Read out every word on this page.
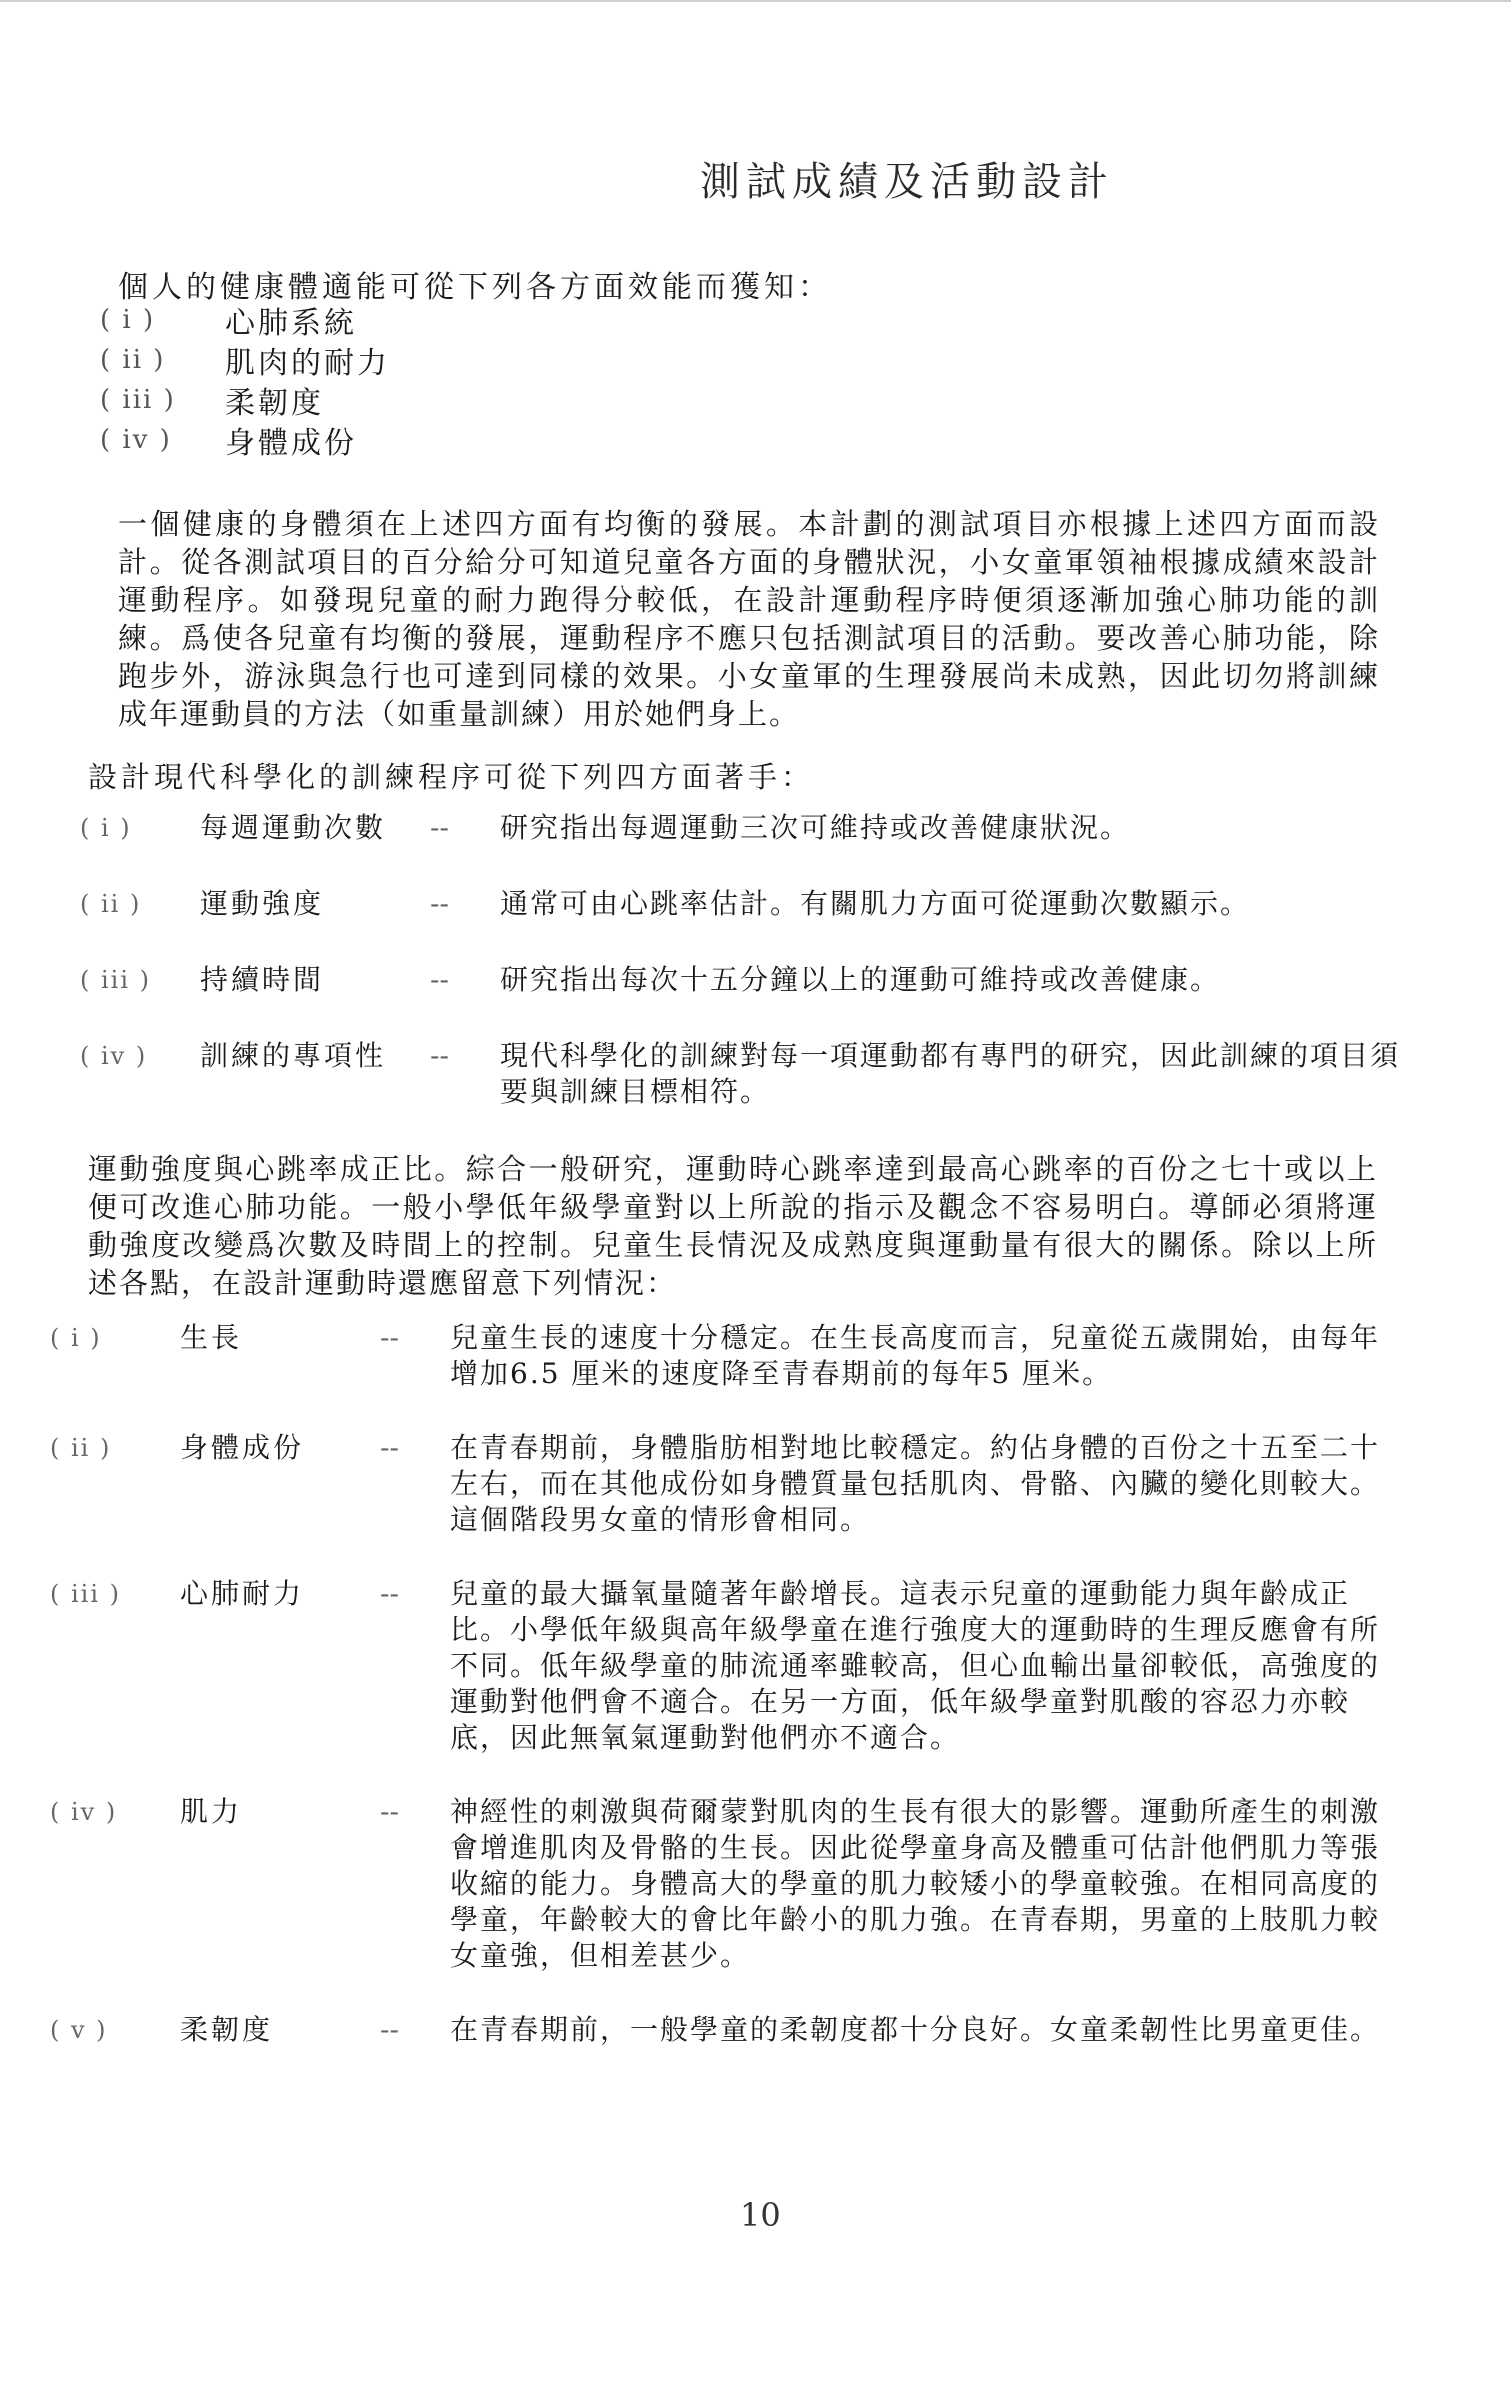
測試成績及活動設計
個人的健康體適能可從下列各方面效能而獲知：
( i )	心肺系統
( ii )	肌肉的耐力
( iii )	柔韌度
( iv )	身體成份
一個健康的身體須在上述四方面有均衡的發展。本計劃的測試項目亦根據上述四方面而設計。從各測試項目的百分給分可知道兒童各方面的身體狀況，小女童軍領袖根據成績來設計運動程序。如發現兒童的耐力跑得分較低，在設計運動程序時便須逐漸加強心肺功能的訓練。爲使各兒童有均衡的發展，運動程序不應只包括測試項目的活動。要改善心肺功能，除跑步外，游泳與急行也可達到同樣的效果。小女童軍的生理發展尚未成熟，因此切勿將訓練成年運動員的方法（如重量訓練）用於她們身上。
設計現代科學化的訓練程序可從下列四方面著手：
( i )	每週運動次數	--	研究指出每週運動三次可維持或改善健康狀況。
( ii )	運動強度	--	通常可由心跳率估計。有關肌力方面可從運動次數顯示。
( iii )	持續時間	--	研究指出每次十五分鐘以上的運動可維持或改善健康。
( iv )	訓練的專項性	--	現代科學化的訓練對每一項運動都有專門的研究，因此訓練的項目須要與訓練目標相符。
運動強度與心跳率成正比。綜合一般研究，運動時心跳率達到最高心跳率的百份之七十或以上便可改進心肺功能。一般小學低年級學童對以上所說的指示及觀念不容易明白。導師必須將運動強度改變爲次數及時間上的控制。兒童生長情況及成熟度與運動量有很大的關係。除以上所述各點，在設計運動時還應留意下列情況：
( i )	生長	--	兒童生長的速度十分穩定。在生長高度而言，兒童從五歲開始，由每年增加6.5 厘米的速度降至青春期前的每年5 厘米。
( ii )	身體成份	--	在青春期前，身體脂肪相對地比較穩定。約佔身體的百份之十五至二十左右，而在其他成份如身體質量包括肌肉、骨骼、內臟的變化則較大。這個階段男女童的情形會相同。
( iii )	心肺耐力	--	兒童的最大攝氧量隨著年齡增長。這表示兒童的運動能力與年齡成正比。小學低年級與高年級學童在進行強度大的運動時的生理反應會有所不同。低年級學童的肺流通率雖較高，但心血輸出量卻較低，高強度的運動對他們會不適合。在另一方面，低年級學童對肌酸的容忍力亦較底，因此無氧氣運動對他們亦不適合。
( iv )	肌力	--	神經性的刺激與荷爾蒙對肌肉的生長有很大的影響。運動所產生的刺激會增進肌肉及骨骼的生長。因此從學童身高及體重可估計他們肌力等張收縮的能力。身體高大的學童的肌力較矮小的學童較強。在相同高度的學童，年齡較大的會比年齡小的肌力強。在青春期，男童的上肢肌力較女童強，但相差甚少。
( v )	柔韌度	--	在青春期前，一般學童的柔韌度都十分良好。女童柔韌性比男童更佳。
10
